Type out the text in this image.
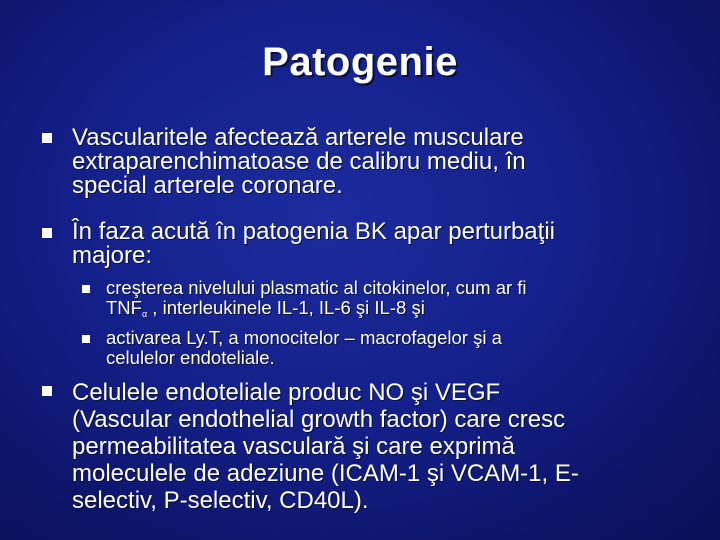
Patogenie
Vascularitele afectează arterele musculare
extraparenchimatoase de calibru mediu, în
special arterele coronare.
În faza acută în patogenia BK apar perturbaţii
majore:
creşterea nivelului plasmatic al citokinelor, cum ar fi
$TNF_\alpha$ , interleukinele IL-1, IL-6 şi IL-8 şi
activarea Ly.T, a monocitelor – macrofagelor şi a
celulelor endoteliale.
Celulele endoteliale produc NO şi VEGF
(Vascular endothelial growth factor) care cresc
permeabilitatea vasculară şi care exprimă
moleculele de adeziune (ICAM-1 şi VCAM-1, E-
selectiv, P-selectiv, CD40L).
